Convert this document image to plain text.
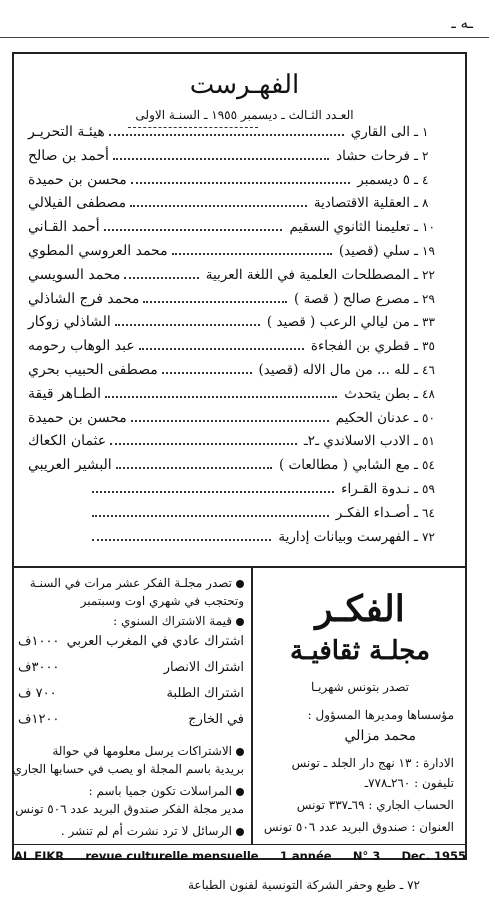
ـه ـ
الفهـرست
العـدد الثـالث ـ ديسمبر ١٩٥٥ ـ السنـة الاولى
١
ـ
الى القاري
هيئـة التحريـر
٢
ـ
فرحات حشاد
أحمد بن صالح
٤
ـ
٥ ديسمبر
محسن بن حميدة
٨
ـ
العقلية الاقتصادية
مصطفى الفيلالي
١٠
ـ
تعليمنا الثانوي السقيم
أحمد القـاني
١٩
ـ
سلي (قصيد)
محمد العروسي المطوي
٢٢
ـ
المصطلحات العلمية في اللغة العربية
محمد السويسي
٢٩
ـ
مصرع صالح ( قصة )
محمد فرج الشاذلي
٣٣
ـ
من ليالي الرعب ( قصيد )
الشاذلي زوكار
٣٥
ـ
قطري بن الفجاءة
عبد الوهاب رحومه
٤٦
ـ
لله ... من مال الاله (قصيد)
مصطفى الحبيب بحري
٤٨
ـ
بطن يتحدث
الطـاهر قيقة
٥٠
ـ
عدنان الحكيم
محسن بن حميدة
٥١
ـ
الادب الاسلاندي ـ٢ـ
عثمان الكعاك
٥٤
ـ
مع الشابي ( مطالعات )
البشير العريبي
٥٩
ـ
نـدوة القـراء
٦٤
ـ
أصـداء الفكـر
٧٢
ـ
الفهرست وبيانات إدارية
الفكـر
مجلـة ثقافيـة
تصدر بتونس شهريـا
مؤسساها ومديرها المسؤول :
محمد مزالي
الادارة : ١٣ نهج دار الجلد ـ تونس
تليفون : ٢٦٠ـ٧٧٨ـ
الحساب الجاري : ٦٩ـ٣٣٧ تونس
العنوان : صندوق البريد عدد ٥٠٦ تونس
تصدر مجلـة الفكر عشر مرات في السنـة
وتحتجب في شهري اوت وسبتمبر
قيمة الاشتراك السنوي :
اشتراك عادي في المغرب العربي
١٠٠٠ف
اشتراك الانصار
٣٠٠٠ف
اشتراك الطلبة
٧٠٠ ف
في الخارج
١٢٠٠ف
الاشتراكات يرسل معلومها في حوالة
بريدية باسم المجلة او يصب في حسابها الجاري
المراسلات تكون جميا باسم :
مدير مجلة الفكر صندوق البريد عدد ٥٠٦ تونس
الرسائل لا ترد نشرت أم لم تنشر .
AL FIKR revue culturelle mensuelle 1 année N° 3 Dec. 1955
٧٢ ـ طبع وحفر الشركة التونسية لفنون الطباعة
